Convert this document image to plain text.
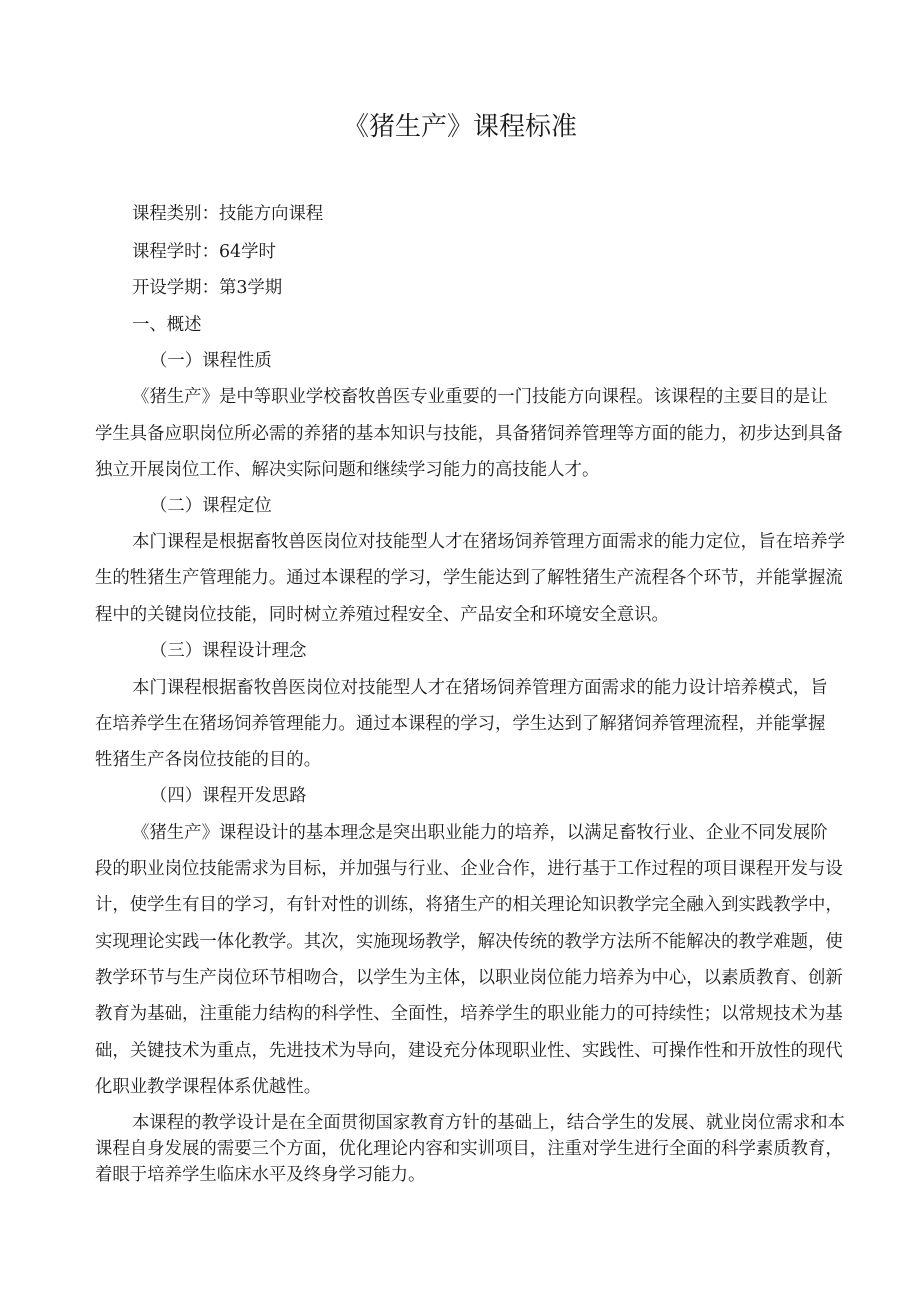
《猪生产》课程标准
课程类别：技能方向课程
课程学时：64学时
开设学期：第3学期
一、概述
（一）课程性质
《猪生产》是中等职业学校畜牧兽医专业重要的一门技能方向课程。该课程的主要目的是让
学生具备应职岗位所必需的养猪的基本知识与技能，具备猪饲养管理等方面的能力，初步达到具备
独立开展岗位工作、解决实际问题和继续学习能力的高技能人才。
（二）课程定位
本门课程是根据畜牧兽医岗位对技能型人才在猪场饲养管理方面需求的能力定位，旨在培养学
生的牲猪生产管理能力。通过本课程的学习，学生能达到了解牲猪生产流程各个环节，并能掌握流
程中的关键岗位技能，同时树立养殖过程安全、产品安全和环境安全意识。
（三）课程设计理念
本门课程根据畜牧兽医岗位对技能型人才在猪场饲养管理方面需求的能力设计培养模式，旨
在培养学生在猪场饲养管理能力。通过本课程的学习，学生达到了解猪饲养管理流程，并能掌握
牲猪生产各岗位技能的目的。
（四）课程开发思路
《猪生产》课程设计的基本理念是突出职业能力的培养，以满足畜牧行业、企业不同发展阶
段的职业岗位技能需求为目标，并加强与行业、企业合作，进行基于工作过程的项目课程开发与设
计，使学生有目的学习，有针对性的训练，将猪生产的相关理论知识教学完全融入到实践教学中，
实现理论实践一体化教学。其次，实施现场教学，解决传统的教学方法所不能解决的教学难题，使
教学环节与生产岗位环节相吻合，以学生为主体，以职业岗位能力培养为中心，以素质教育、创新
教育为基础，注重能力结构的科学性、全面性，培养学生的职业能力的可持续性；以常规技术为基
础，关键技术为重点，先进技术为导向，建设充分体现职业性、实践性、可操作性和开放性的现代
化职业教学课程体系优越性。
本课程的教学设计是在全面贯彻国家教育方针的基础上，结合学生的发展、就业岗位需求和本
课程自身发展的需要三个方面，优化理论内容和实训项目，注重对学生进行全面的科学素质教育，
着眼于培养学生临床水平及终身学习能力。
